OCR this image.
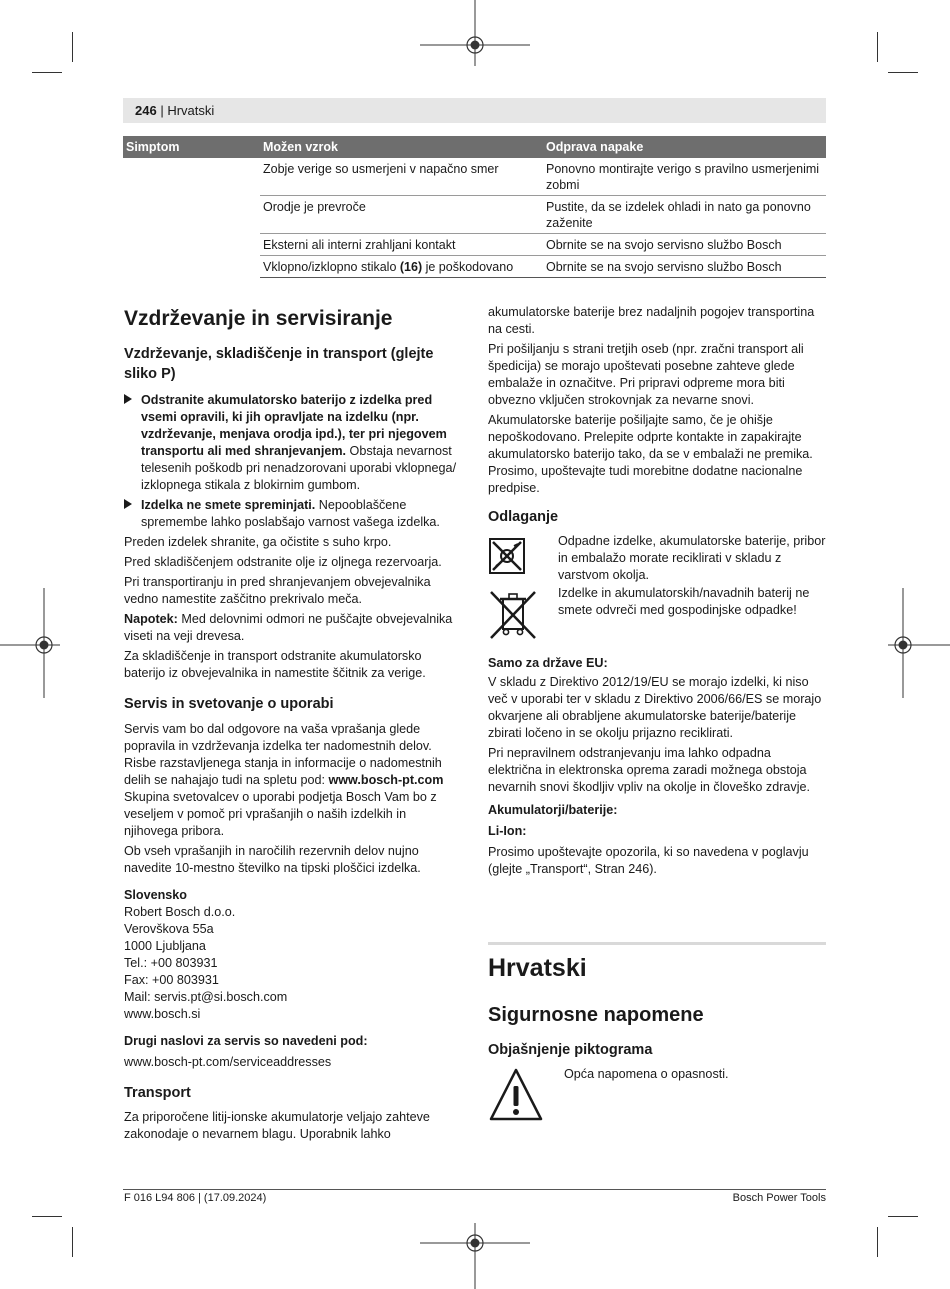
246 | Hrvatski
Simptom	Možen vzrok	Odprava napake
	Zobje verige so usmerjeni v napačno smer	Ponovno montirajte verigo s pravilno usmerjenimi zobmi
	Orodje je prevroče	Pustite, da se izdelek ohladi in nato ga ponovno zaženite
	Eksterni ali interni zrahljani kontakt	Obrnite se na svojo servisno službo Bosch
	Vklopno/izklopno stikalo (16) je poškodovano	Obrnite se na svojo servisno službo Bosch
Vzdrževanje in servisiranje
Vzdrževanje, skladiščenje in transport (glejte sliko P)
Odstranite akumulatorsko baterijo z izdelka pred vsemi opravili, ki jih opravljate na izdelku (npr. vzdrževanje, menjava orodja ipd.), ter pri njegovem transportu ali med shranjevanjem. Obstaja nevarnost telesenih poškodb pri nenadzorovani uporabi vklopnega/ izklopnega stikala z blokirnim gumbom.
Izdelka ne smete spreminjati. Nepooblaščene spremembe lahko poslabšajo varnost vašega izdelka.

Preden izdelek shranite, ga očistite s suho krpo.

Pred skladiščenjem odstranite olje iz oljnega rezervoarja.

Pri transportiranju in pred shranjevanjem obvejevalnika vedno namestite zaščitno prekrivalo meča.

Napotek: Med delovnimi odmori ne puščajte obvejevalnika viseti na veji drevesa.

Za skladiščenje in transport odstranite akumulatorsko baterijo iz obvejevalnika in namestite ščitnik za verige.

Servis in svetovanje o uporabi

Servis vam bo dal odgovore na vaša vprašanja glede popravila in vzdrževanja izdelka ter nadomestnih delov. Risbe razstavljenega stanja in informacije o nadomestnih delih se nahajajo tudi na spletu pod: www.bosch-pt.com

Skupina svetovalcev o uporabi podjetja Bosch Vam bo z veseljem v pomoč pri vprašanjih o naših izdelkih in njihovega pribora.

Ob vseh vprašanjih in naročilih rezervnih delov nujno navedite 10-mestno številko na tipski ploščici izdelka.

Slovensko

Robert Bosch d.o.o.

Verovškova 55a

1000 Ljubljana

Tel.: +00 803931

Fax: +00 803931

Mail: servis.pt@si.bosch.com

www.bosch.si

Drugi naslovi za servis so navedeni pod:

www.bosch-pt.com/serviceaddresses

Transport

Za priporočene litij-ionske akumulatorje veljajo zahteve zakonodaje o nevarnem blagu. Uporabnik lahko

akumulatorske baterije brez nadaljnih pogojev transportina na cesti.

Pri pošiljanju s strani tretjih oseb (npr. zračni transport ali špedicija) se morajo upoštevati posebne zahteve glede embalaže in označitve. Pri pripravi odpreme mora biti obvezno vključen strokovnjak za nevarne snovi.

Akumulatorske baterije pošiljajte samo, če je ohišje nepoškodovano. Prelepite odprte kontakte in zapakirajte akumulatorsko baterijo tako, da se v embalaži ne premika. Prosimo, upoštevajte tudi morebitne dodatne nacionalne predpise.

Odlaganje

Odpadne izdelke, akumulatorske baterije, pribor in embalažo morate reciklirati v skladu z varstvom okolja.

Izdelke in akumulatorskih/navadnih baterij ne smete odvreči med gospodinjske odpadke!

Samo za države EU:

V skladu z Direktivo 2012/19/EU se morajo izdelki, ki niso več v uporabi ter v skladu z Direktivo 2006/66/ES se morajo okvarjene ali obrabljene akumulatorske baterije/baterije zbirati ločeno in se okolju prijazno reciklirati.

Pri nepravilnem odstranjevanju ima lahko odpadna električna in elektronska oprema zaradi možnega obstoja nevarnih snovi škodljiv vpliv na okolje in človeško zdravje.

Akumulatorji/baterije:

Li-Ion:

Prosimo upoštevajte opozorila, ki so navedena v poglavju (glejte „Transport“, Stran 246).

Hrvatski
Sigurnosne napomene
Objašnjenje piktograma
Opća napomena o opasnosti.
F 016 L94 806 | (17.09.2024)	Bosch Power Tools
